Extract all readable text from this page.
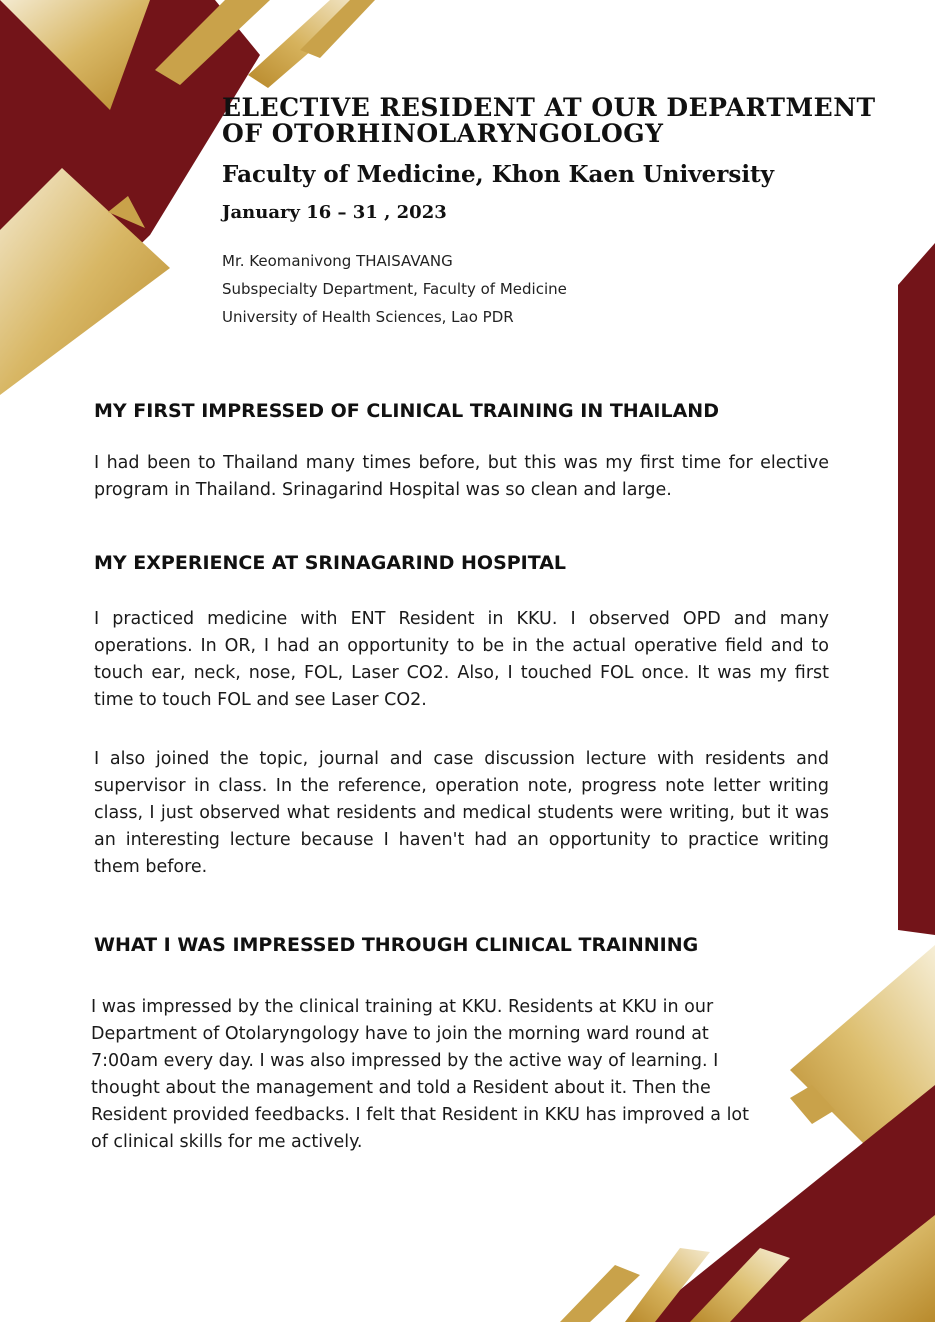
ELECTIVE RESIDENT AT OUR DEPARTMENT OF OTORHINOLARYNGOLOGY
Faculty of Medicine, Khon Kaen University
January 16 – 31 , 2023
Mr. Keomanivong THAISAVANG
Subspecialty Department, Faculty of Medicine
University of Health Sciences, Lao PDR
MY FIRST IMPRESSED OF CLINICAL TRAINING IN THAILAND
I had been to Thailand many times before, but this was my first time for elective program in Thailand. Srinagarind Hospital was so clean and large.
MY EXPERIENCE AT SRINAGARIND HOSPITAL
I practiced medicine with ENT Resident in KKU. I observed OPD and many operations. In OR, I had an opportunity to be in the actual operative field and to touch ear, neck, nose, FOL, Laser CO2. Also, I touched FOL once. It was my first time to touch FOL and see Laser CO2.
I also joined the topic, journal and case discussion lecture with residents and supervisor in class. In the reference, operation note, progress note letter writing class, I just observed what residents and medical students were writing, but it was an interesting lecture because I haven't had an opportunity to practice writing them before.
WHAT I WAS IMPRESSED THROUGH CLINICAL TRAINNING
I was impressed by the clinical training at KKU. Residents at KKU in our Department of Otolaryngology have to join the morning ward round at 7:00am every day. I was also impressed by the active way of learning. I thought about the management and told a Resident about it. Then the Resident provided feedbacks. I felt that Resident in KKU has improved a lot of clinical skills for me actively.
